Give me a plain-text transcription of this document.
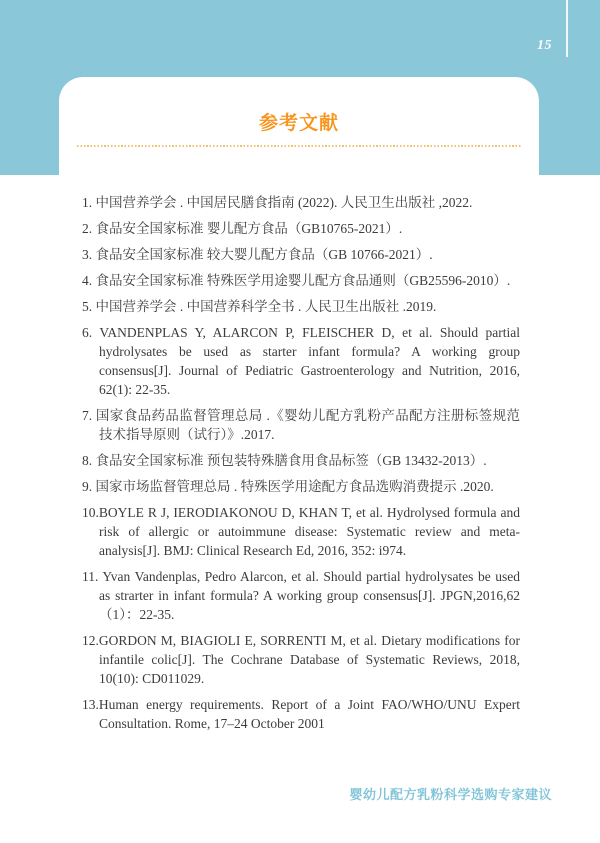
15
参考文献
1. 中国营养学会 . 中国居民膳食指南 (2022). 人民卫生出版社 ,2022.
2. 食品安全国家标准 婴儿配方食品（GB10765-2021）.
3. 食品安全国家标准 较大婴儿配方食品（GB 10766-2021）.
4. 食品安全国家标准 特殊医学用途婴儿配方食品通则（GB25596-2010）.
5. 中国营养学会 . 中国营养科学全书 . 人民卫生出版社 .2019.
6. VANDENPLAS Y, ALARCON P, FLEISCHER D, et al. Should partial hydrolysates be used as starter infant formula? A working group consensus[J]. Journal of Pediatric Gastroenterology and Nutrition, 2016, 62(1): 22-35.
7. 国家食品药品监督管理总局 .《婴幼儿配方乳粉产品配方注册标签规范技术指导原则（试行）》.2017.
8. 食品安全国家标准 预包装特殊膳食用食品标签（GB 13432-2013）.
9. 国家市场监督管理总局 . 特殊医学用途配方食品选购消费提示 .2020.
10.BOYLE R J, IERODIAKONOU D, KHAN T, et al. Hydrolysed formula and risk of allergic or autoimmune disease: Systematic review and meta-analysis[J]. BMJ: Clinical Research Ed, 2016, 352: i974.
11. Yvan Vandenplas, Pedro Alarcon, et al. Should partial hydrolysates be used as strarter in infant formula? A working group consensus[J]. JPGN,2016,62（1）：22-35.
12.GORDON M, BIAGIOLI E, SORRENTI M, et al. Dietary modifications for infantile colic[J]. The Cochrane Database of Systematic Reviews, 2018, 10(10): CD011029.
13.Human energy requirements. Report of a Joint FAO/WHO/UNU Expert Consultation. Rome, 17–24 October 2001
婴幼儿配方乳粉科学选购专家建议
